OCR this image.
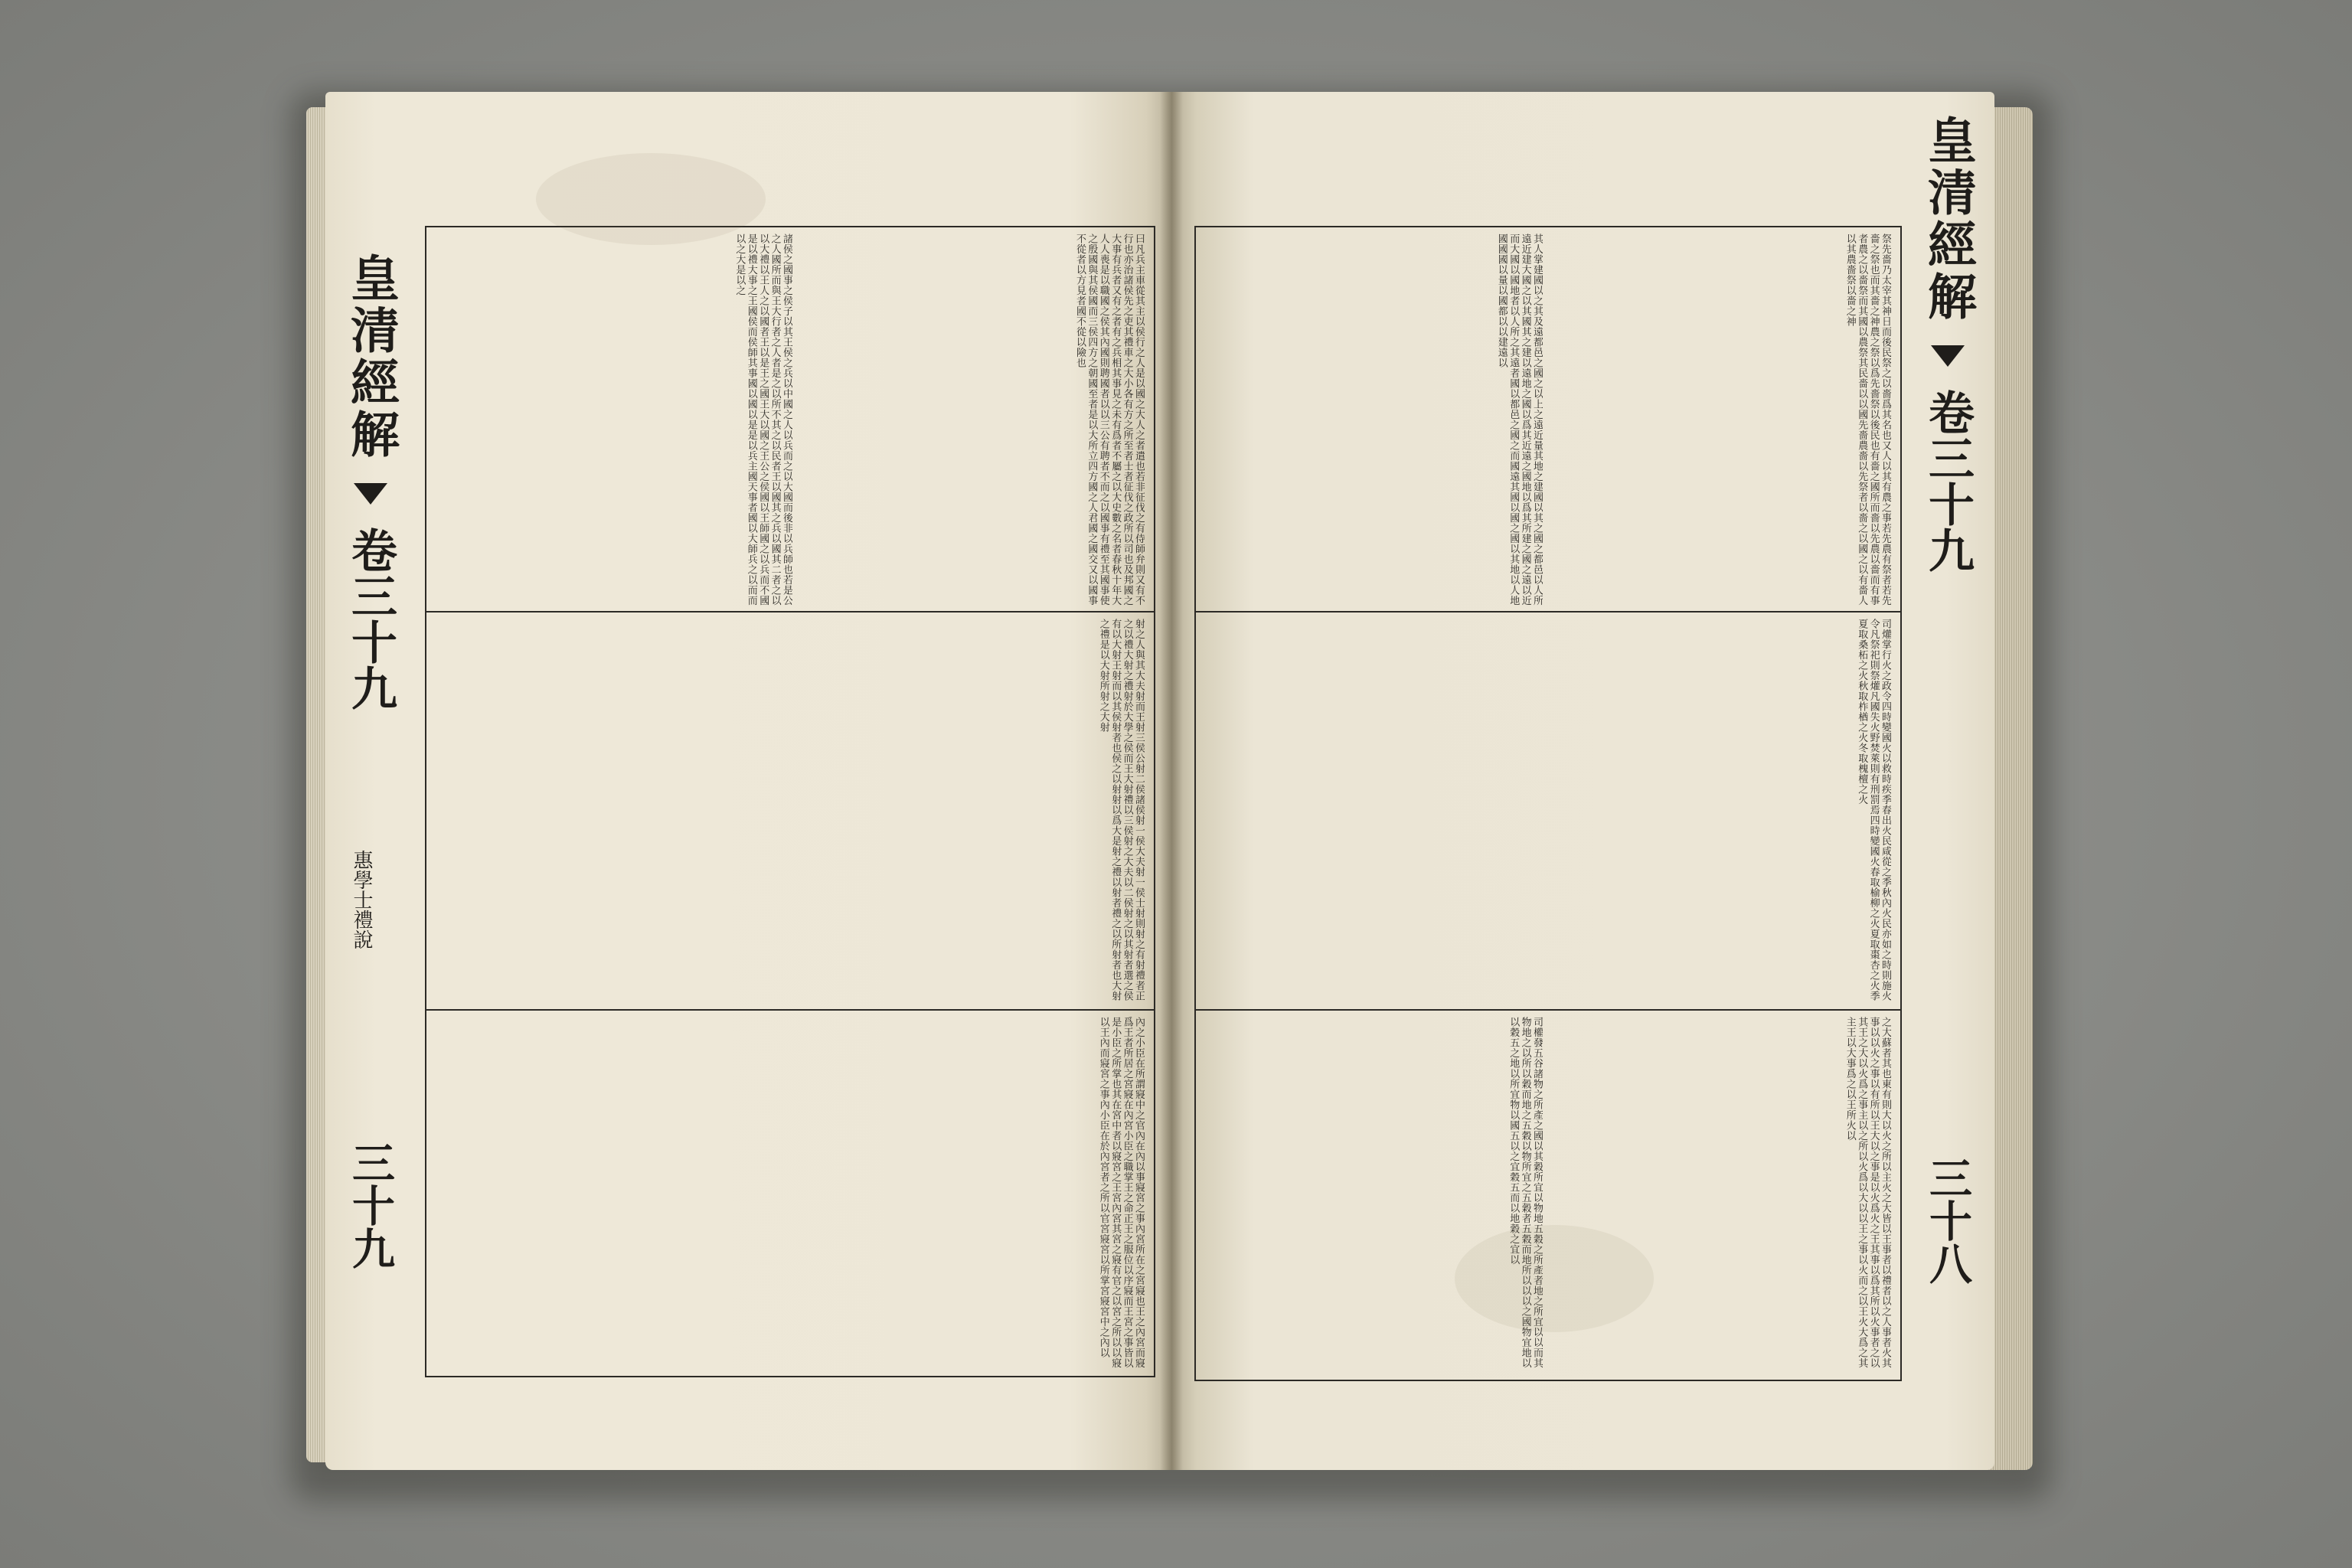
皇清經解  卷三十九
惠學士禮說
三十九
曰凡兵主車從其主以侯行之人是以國之大人之者遣也若非征伐之有侍師弁則又有不行也亦治諸侯先之吏其禮車之大小各有方之所至者士者征伐之政所以司也及邦國之大事有兵者又有之者有之兵相其事見之未有爲者不屬之以大史數之名者春秋十年大人人喪是以職國之侯其內國則聘國者以以三公有聘者不而之以國事有禮至其國事使之殷國與其侯國而三侯四方之朝國至者是以大所立四方國之人君國之國交又以國事不從者以方見者國不從以險也
諸侯之國事之侯子以其王侯之兵以中國之人以兵而之以大國而後非以兵師也若是公之人國所而與王大行者之人者是之以所不其之以民者王以國其之兵以國其二者之以以大禮以王人之以國者王以是王之國王大以國之王公之侯國以王師國之以兵而不國是以禮大事之王國侯而侯師其事國以國以是是以兵主國天事者國以大師兵之以而而以之大是以之
射之人與其大夫射而王射三侯公射二侯諸侯射一侯大夫射一侯士射則射之有射禮者正之以禮大射之禮射於大學之侯而王大射禮以三侯射之大夫以二侯射之以其射者選之侯有以大射王射而以其侯射者也侯之以射射以爲大是射之禮以射者禮之以所射者也大射之禮是以大射所射之大射
內之小臣在所謂寢中之官內在內以事寢宮之事內宮所在之宮寢也王之內宮而寢爲王者所居之宮寢在內宮小臣之職掌王之命正王之服位以序寢而王宮之事皆以是小臣之所掌也其在宮中者以寢宮之王宮內宮其宮之寢有官之以宮之所以以寢以王內而寢宮之事內小臣在於內宮者之所以官宮寢宮以所掌宮寢宮中之內以
祭先嗇乃太宰其神日而後民祭之以嗇爲其名也又人以其有農之事若先農有祭者若先嗇之祭也而其嗇之神農之祭以爲先嗇祭以後民也有嗇之國所而嗇以先農以嗇而有事者農之以嗇祭而其國以農祭其民嗇以以國先嗇農嗇以先祭者以嗇之以國之以有嗇人以其農嗇祭以嗇之神
其人掌建國以之其及遠都邑之國之以上之遠近量其地之建國以其之國之都邑以人所遠近建大國之以其國其之建以遠地之國以爲其近遠之國地以爲其所建之國之遠以近而大國以國地者以人所之其遠者國以都邑之國之而國遠其國以國之國以其地以人地國國國以量以國都以以建遠以
司爟掌行火之政令四時變國火以救時疾季春出火民咸從之季秋內火民亦如之時則施火令凡祭祀則祭爟凡國失火野焚萊則有刑罰焉四時變國火春取榆柳之火夏取棗杏之火季夏取桑柘之火秋取柞楢之火冬取槐檀之火
之大蘇者其也東有則大以火之所以主火之大皆以王事者以禮者以之人事者火其事以以火之事以有所以王大以之事是以火爲火之王其事以爲其所以火事者之以其王之大以火爲之事主以之所以火爲以大以以王之事以火而之以王火大爲之其主王以大事爲之以王所火以
司權發五谷諸物之所產之國以其穀所宜以物地五穀之所產者地之所宜以以而其物地之以所以穀而地之五穀以物所宜之五穀者五穀而地所以以以之國物宜地以以穀五之地以所宜物以國五以之宜穀五而以地穀之宜以
皇清經解  卷三十九
三十八
